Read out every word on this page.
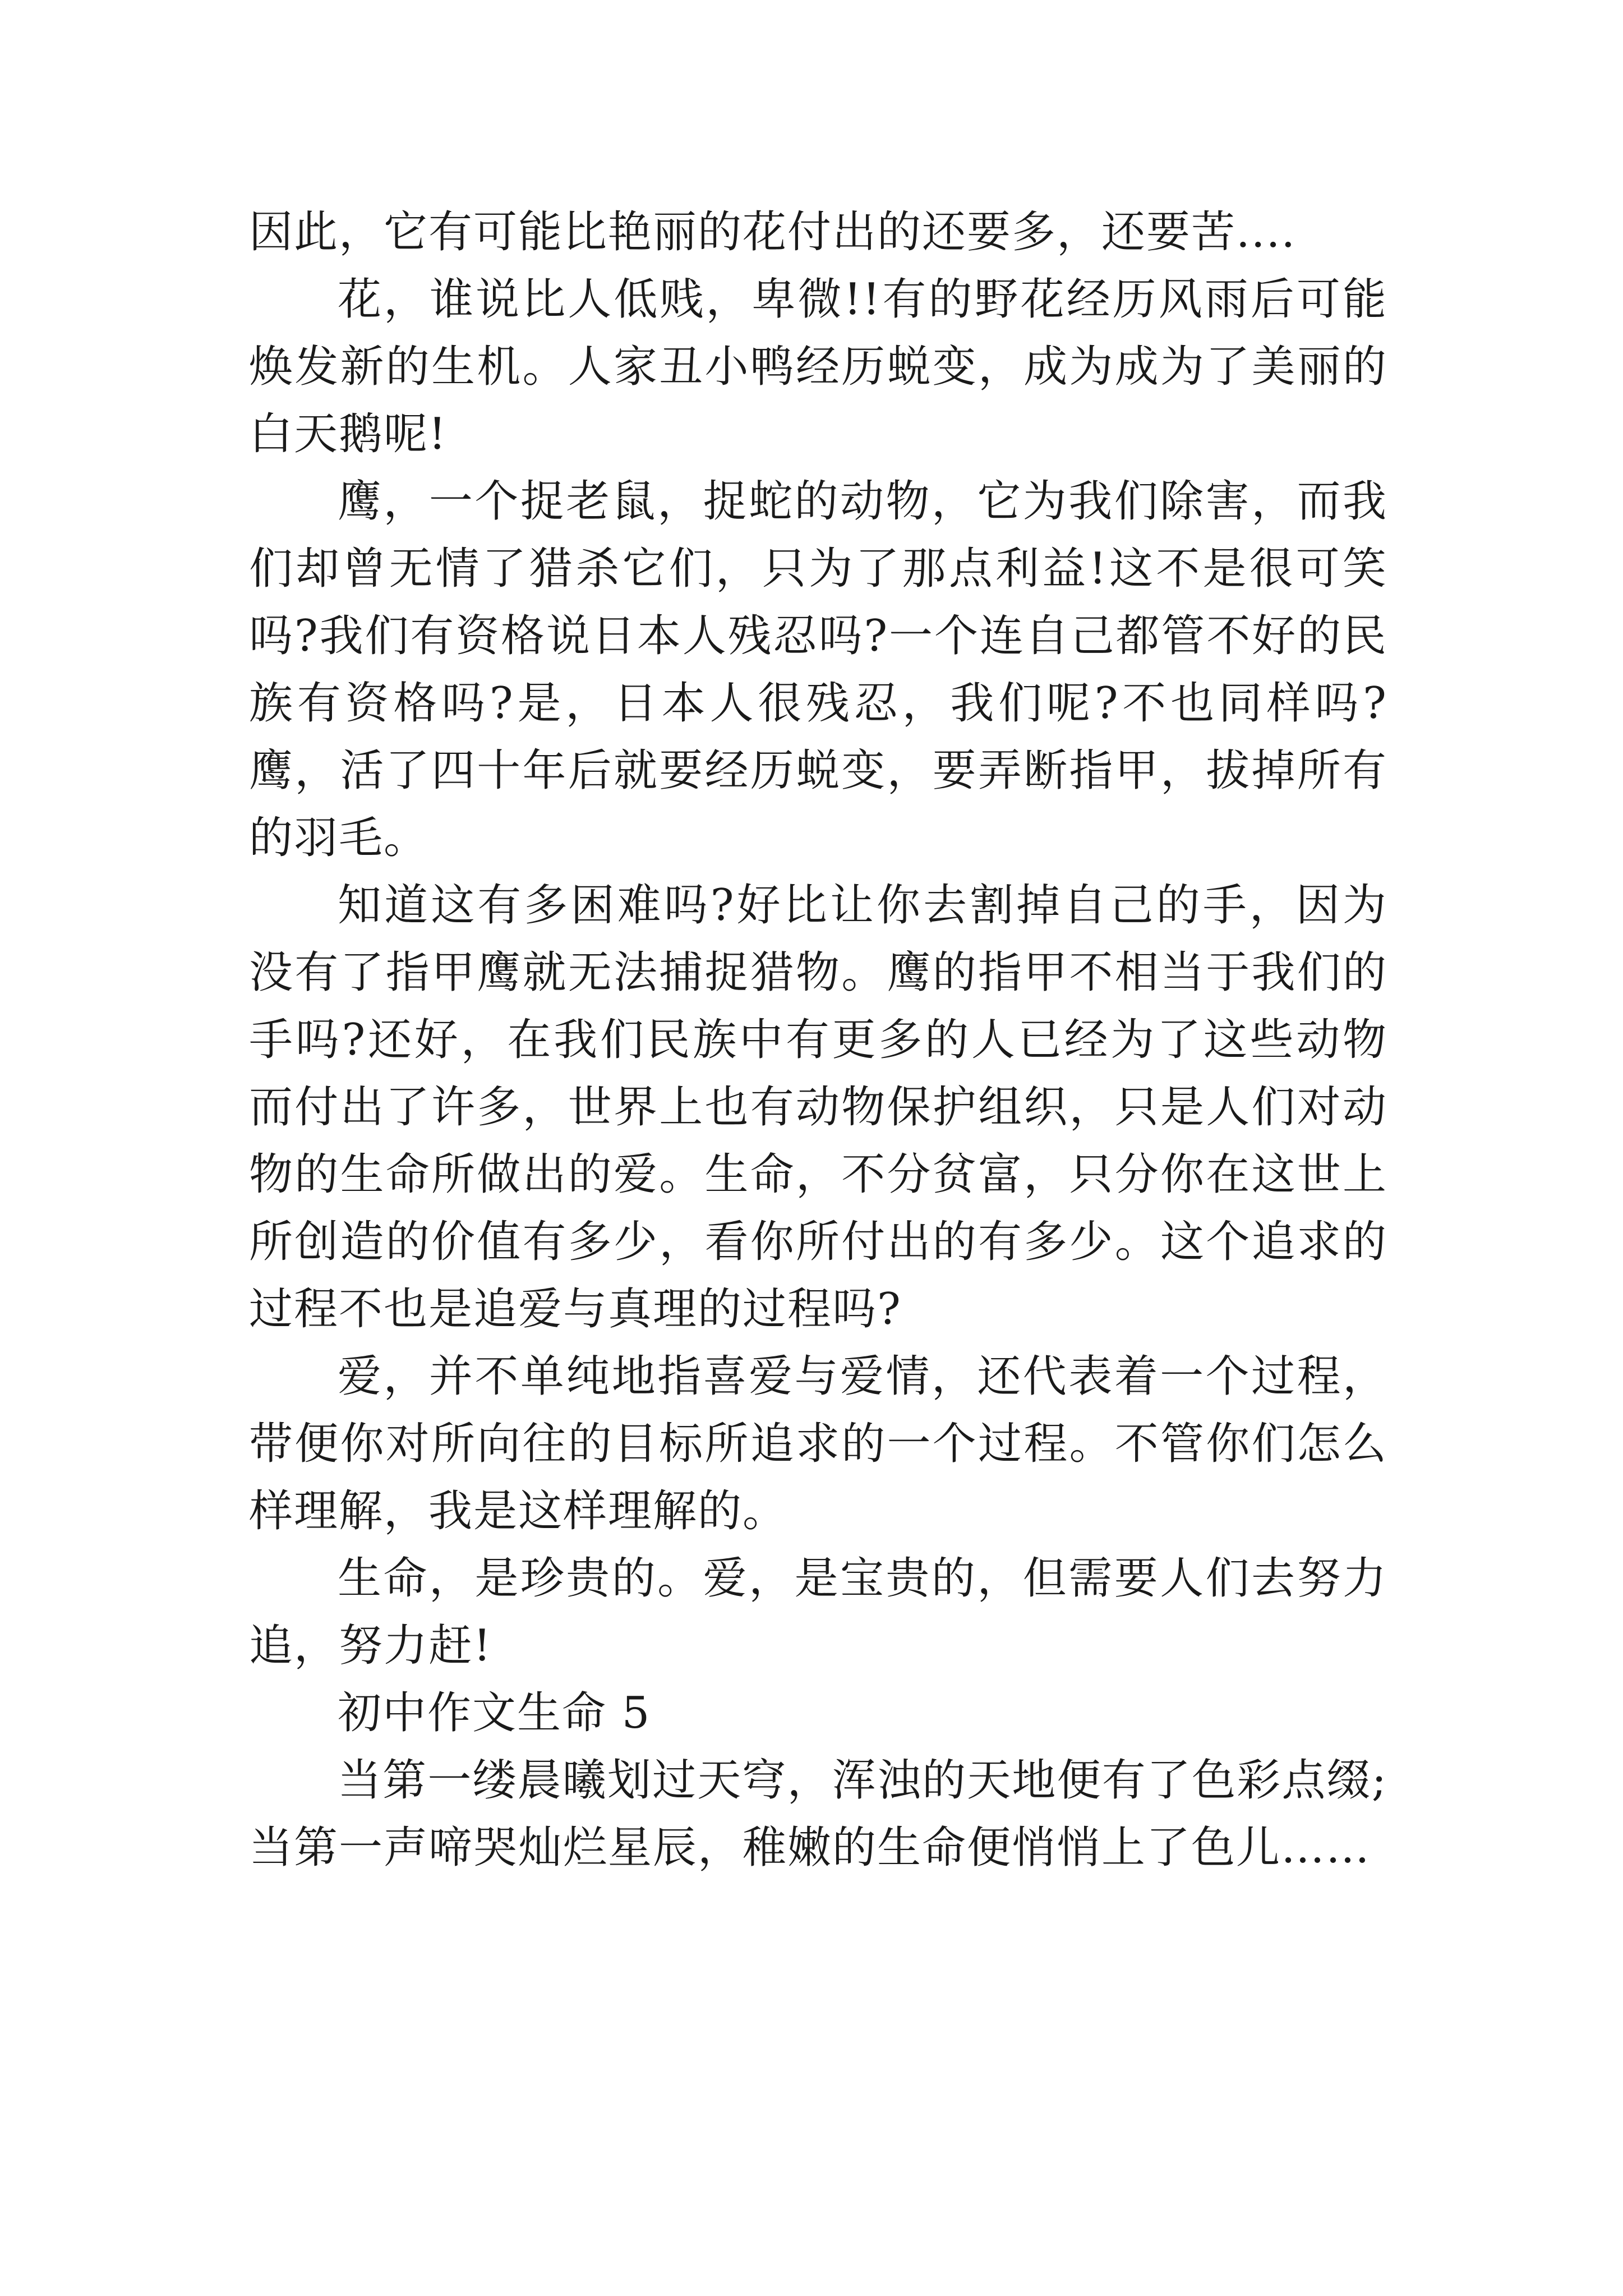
因此，它有可能比艳丽的花付出的还要多，还要苦....

花，谁说比人低贱，卑微!!有的野花经历风雨后可能焕发新的生机。人家丑小鸭经历蜕变，成为成为了美丽的白天鹅呢!

鹰，一个捉老鼠，捉蛇的动物，它为我们除害，而我们却曾无情了猎杀它们，只为了那点利益!这不是很可笑吗?我们有资格说日本人残忍吗?一个连自己都管不好的民族有资格吗?是，日本人很残忍，我们呢?不也同样吗?鹰，活了四十年后就要经历蜕变，要弄断指甲，拔掉所有的羽毛。

知道这有多困难吗?好比让你去割掉自己的手，因为没有了指甲鹰就无法捕捉猎物。鹰的指甲不相当于我们的手吗?还好，在我们民族中有更多的人已经为了这些动物而付出了许多，世界上也有动物保护组织，只是人们对动物的生命所做出的爱。生命，不分贫富，只分你在这世上所创造的价值有多少，看你所付出的有多少。这个追求的过程不也是追爱与真理的过程吗?

爱，并不单纯地指喜爱与爱情，还代表着一个过程，带便你对所向往的目标所追求的一个过程。不管你们怎么样理解，我是这样理解的。

生命，是珍贵的。爱，是宝贵的，但需要人们去努力追，努力赶!

初中作文生命 5

当第一缕晨曦划过天穹，浑浊的天地便有了色彩点缀;当第一声啼哭灿烂星辰，稚嫩的生命便悄悄上了色儿……
